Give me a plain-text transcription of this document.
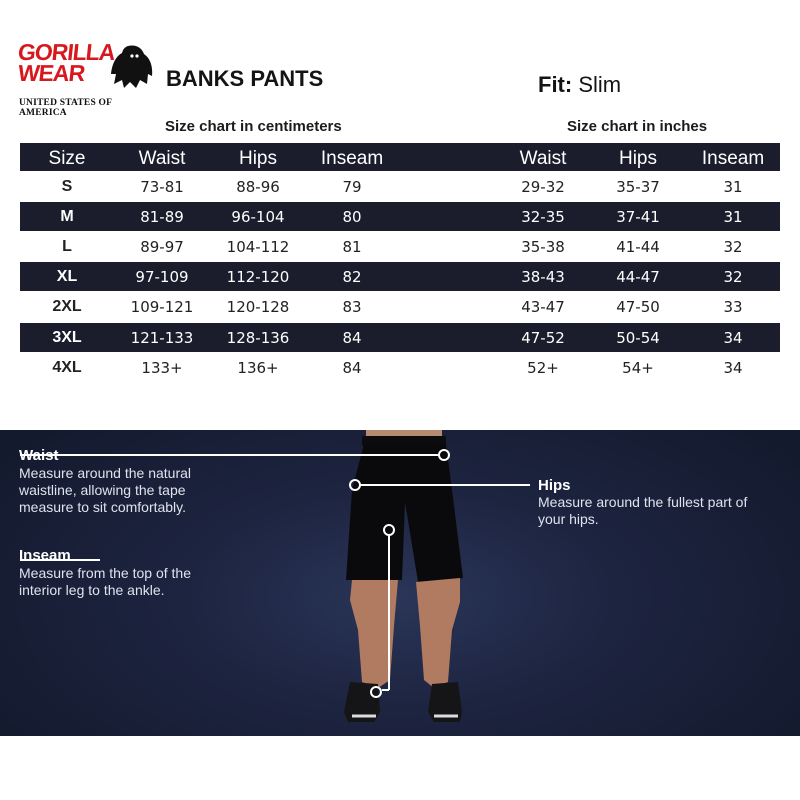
GORILLA
WEAR
UNITED STATES OF AMERICA
BANKS PANTS	Fit: Slim
Size chart in centimeters	Size chart in inches
Size	Waist	Hips Inseam	Waist	Hips Inseam
S	73-81	88-96	79	29-32	35-37	31
M	81-89	96-104	80	32-35	37-41	31
L	89-97	104-112	81	35-38	41-44	32
XL	97-109	112-120	82	38-43	44-47	32
2XL	109-121 120-128	83	43-47	47-50	33
3XL	121-133 128-136	84	47-52	50-54	34
4XL	133+	136+	84	52+	54+	34
Waist
Measure around the natural
waistline, allowing the tape
measure to sit comfortably.
Hips
Measure around the fullest part of
your hips.
Inseam
Measure from the top of the
interior leg to the ankle.
